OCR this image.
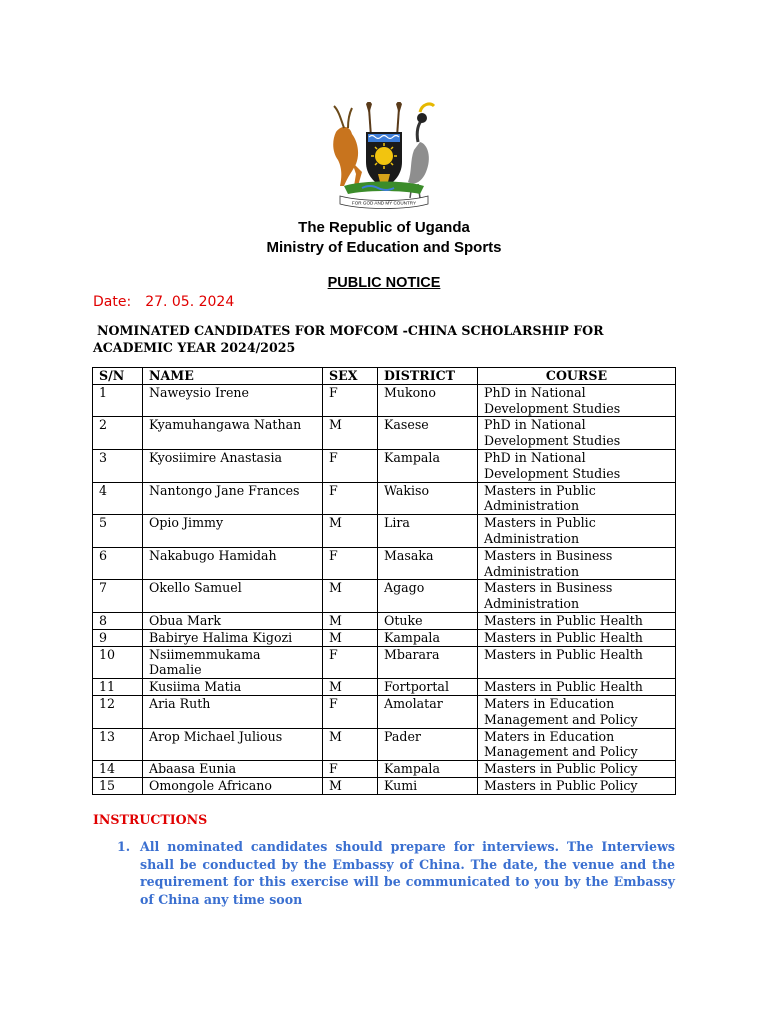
FOR GOD AND MY COUNTRY
The Republic of Uganda
Ministry of Education and Sports
PUBLIC NOTICE
Date: 27. 05. 2024
NOMINATED CANDIDATES FOR MOFCOM -CHINA SCHOLARSHIP FOR
ACADEMIC YEAR 2024/2025
S/N	NAME	SEX	DISTRICT	COURSE
1	Naweysio Irene	F	Mukono	PhD in National Development Studies
2	Kyamuhangawa Nathan	M	Kasese	PhD in National Development Studies
3	Kyosiimire Anastasia	F	Kampala	PhD in National Development Studies
4	Nantongo Jane Frances	F	Wakiso	Masters in Public Administration
5	Opio Jimmy	M	Lira	Masters in Public Administration
6	Nakabugo Hamidah	F	Masaka	Masters in Business Administration
7	Okello Samuel	M	Agago	Masters in Business Administration
8	Obua Mark	M	Otuke	Masters in Public Health
9	Babirye Halima Kigozi	M	Kampala	Masters in Public Health
10	Nsiimemmukama Damalie	F	Mbarara	Masters in Public Health
11	Kusiima Matia	M	Fortportal	Masters in Public Health
12	Aria Ruth	F	Amolatar	Maters in Education Management and Policy
13	Arop Michael Julious	M	Pader	Maters in Education Management and Policy
14	Abaasa Eunia	F	Kampala	Masters in Public Policy
15	Omongole Africano	M	Kumi	Masters in Public Policy
INSTRUCTIONS
1. All nominated candidates should prepare for interviews. The Interviews shall be conducted by the Embassy of China. The date, the venue and the requirement for this exercise will be communicated to you by the Embassy of China any time soon
